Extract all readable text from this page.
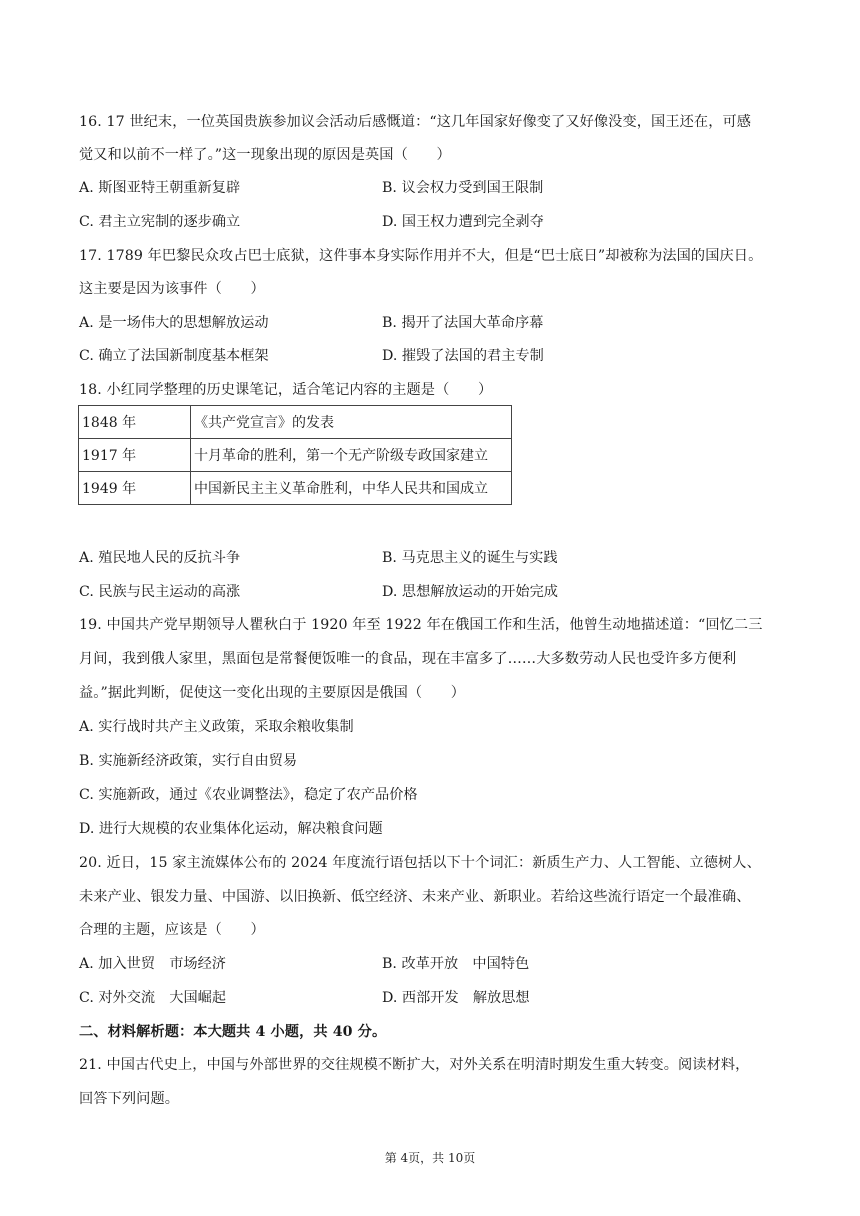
16. 17 世纪末，一位英国贵族参加议会活动后感慨道：“这几年国家好像变了又好像没变，国王还在，可感
觉又和以前不一样了。”这一现象出现的原因是英国（　　）
A. 斯图亚特王朝重新复辟	B. 议会权力受到国王限制
C. 君主立宪制的逐步确立	D. 国王权力遭到完全剥夺
17. 1789 年巴黎民众攻占巴士底狱，这件事本身实际作用并不大，但是“巴士底日”却被称为法国的国庆日。
这主要是因为该事件（　　）
A. 是一场伟大的思想解放运动	B. 揭开了法国大革命序幕
C. 确立了法国新制度基本框架	D. 摧毁了法国的君主专制
18. 小红同学整理的历史课笔记，适合笔记内容的主题是（　　）
1848 年	《共产党宣言》的发表
1917 年	十月革命的胜利，第一个无产阶级专政国家建立
1949 年	中国新民主主义革命胜利，中华人民共和国成立
A. 殖民地人民的反抗斗争	B. 马克思主义的诞生与实践
C. 民族与民主运动的高涨	D. 思想解放运动的开始完成
19. 中国共产党早期领导人瞿秋白于 1920 年至 1922 年在俄国工作和生活，他曾生动地描述道：“回忆二三
月间，我到俄人家里，黑面包是常餐便饭唯一的食品，现在丰富多了……大多数劳动人民也受许多方便利
益。”据此判断，促使这一变化出现的主要原因是俄国（　　）
A. 实行战时共产主义政策，采取余粮收集制
B. 实施新经济政策，实行自由贸易
C. 实施新政，通过《农业调整法》，稳定了农产品价格
D. 进行大规模的农业集体化运动，解决粮食问题
20. 近日，15 家主流媒体公布的 2024 年度流行语包括以下十个词汇：新质生产力、人工智能、立德树人、
未来产业、银发力量、中国游、以旧换新、低空经济、未来产业、新职业。若给这些流行语定一个最准确、
合理的主题，应该是（　　）
A. 加入世贸　市场经济	B. 改革开放　中国特色
C. 对外交流　大国崛起	D. 西部开发　解放思想
二、材料解析题：本大题共 4 小题，共 40 分。
21. 中国古代史上，中国与外部世界的交往规模不断扩大，对外关系在明清时期发生重大转变。阅读材料，
回答下列问题。
第 4页，共 10页
